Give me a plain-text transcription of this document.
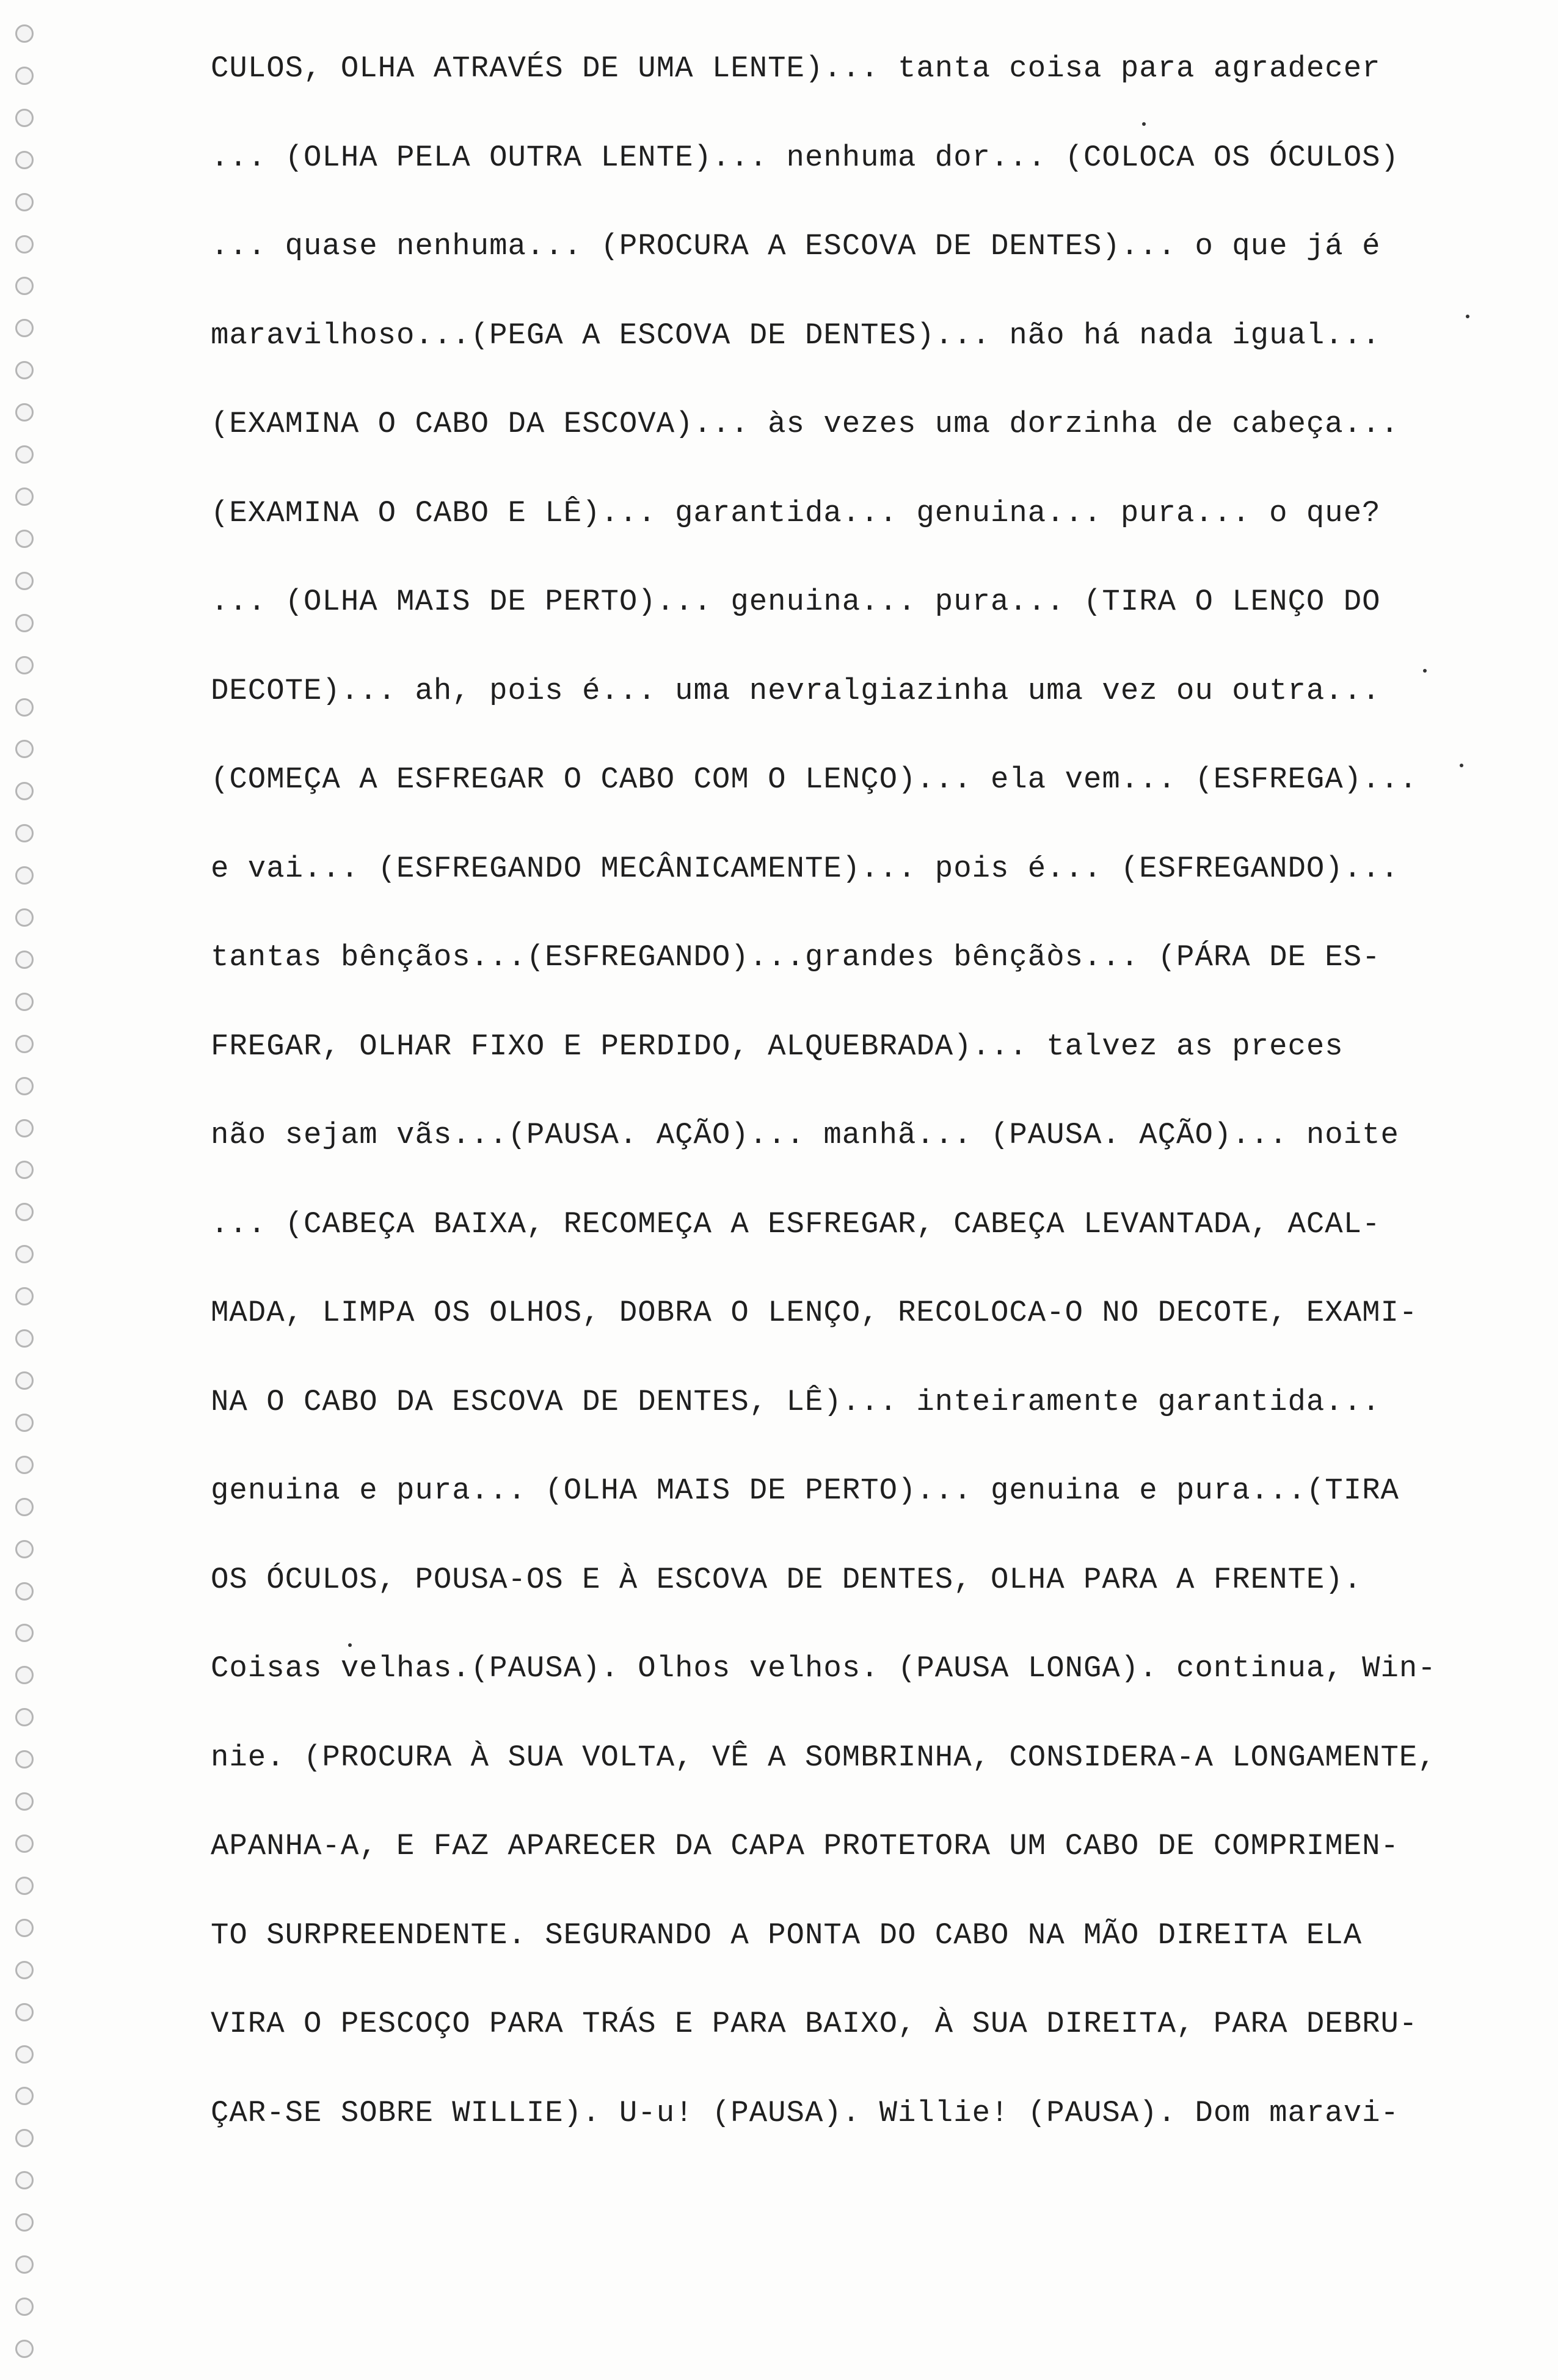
CULOS, OLHA ATRAVÉS DE UMA LENTE)... tanta coisa para agradecer
... (OLHA PELA OUTRA LENTE)... nenhuma dor... (COLOCA OS ÓCULOS)
... quase nenhuma... (PROCURA A ESCOVA DE DENTES)... o que já é
maravilhoso...(PEGA A ESCOVA DE DENTES)... não há nada igual...
(EXAMINA O CABO DA ESCOVA)... às vezes uma dorzinha de cabeça...
(EXAMINA O CABO E LÊ)... garantida... genuina... pura... o que?
... (OLHA MAIS DE PERTO)... genuina... pura... (TIRA O LENÇO DO
DECOTE)... ah, pois é... uma nevralgiazinha uma vez ou outra...
(COMEÇA A ESFREGAR O CABO COM O LENÇO)... ela vem... (ESFREGA)...
e vai... (ESFREGANDO MECÂNICAMENTE)... pois é... (ESFREGANDO)...
tantas bênçãos...(ESFREGANDO)...grandes bênçãòs... (PÁRA DE ES-
FREGAR, OLHAR FIXO E PERDIDO, ALQUEBRADA)... talvez as preces
não sejam vãs...(PAUSA. AÇÃO)... manhã... (PAUSA. AÇÃO)... noite
... (CABEÇA BAIXA, RECOMEÇA A ESFREGAR, CABEÇA LEVANTADA, ACAL-
MADA, LIMPA OS OLHOS, DOBRA O LENÇO, RECOLOCA-O NO DECOTE, EXAMI-
NA O CABO DA ESCOVA DE DENTES, LÊ)... inteiramente garantida...
genuina e pura... (OLHA MAIS DE PERTO)... genuina e pura...(TIRA
OS ÓCULOS, POUSA-OS E À ESCOVA DE DENTES, OLHA PARA A FRENTE).
Coisas velhas.(PAUSA). Olhos velhos. (PAUSA LONGA). continua, Win-
nie. (PROCURA À SUA VOLTA, VÊ A SOMBRINHA, CONSIDERA-A LONGAMENTE,
APANHA-A, E FAZ APARECER DA CAPA PROTETORA UM CABO DE COMPRIMEN-
TO SURPREENDENTE. SEGURANDO A PONTA DO CABO NA MÃO DIREITA ELA
VIRA O PESCOÇO PARA TRÁS E PARA BAIXO, À SUA DIREITA, PARA DEBRU-
ÇAR-SE SOBRE WILLIE). U-u! (PAUSA). Willie! (PAUSA). Dom maravi-
